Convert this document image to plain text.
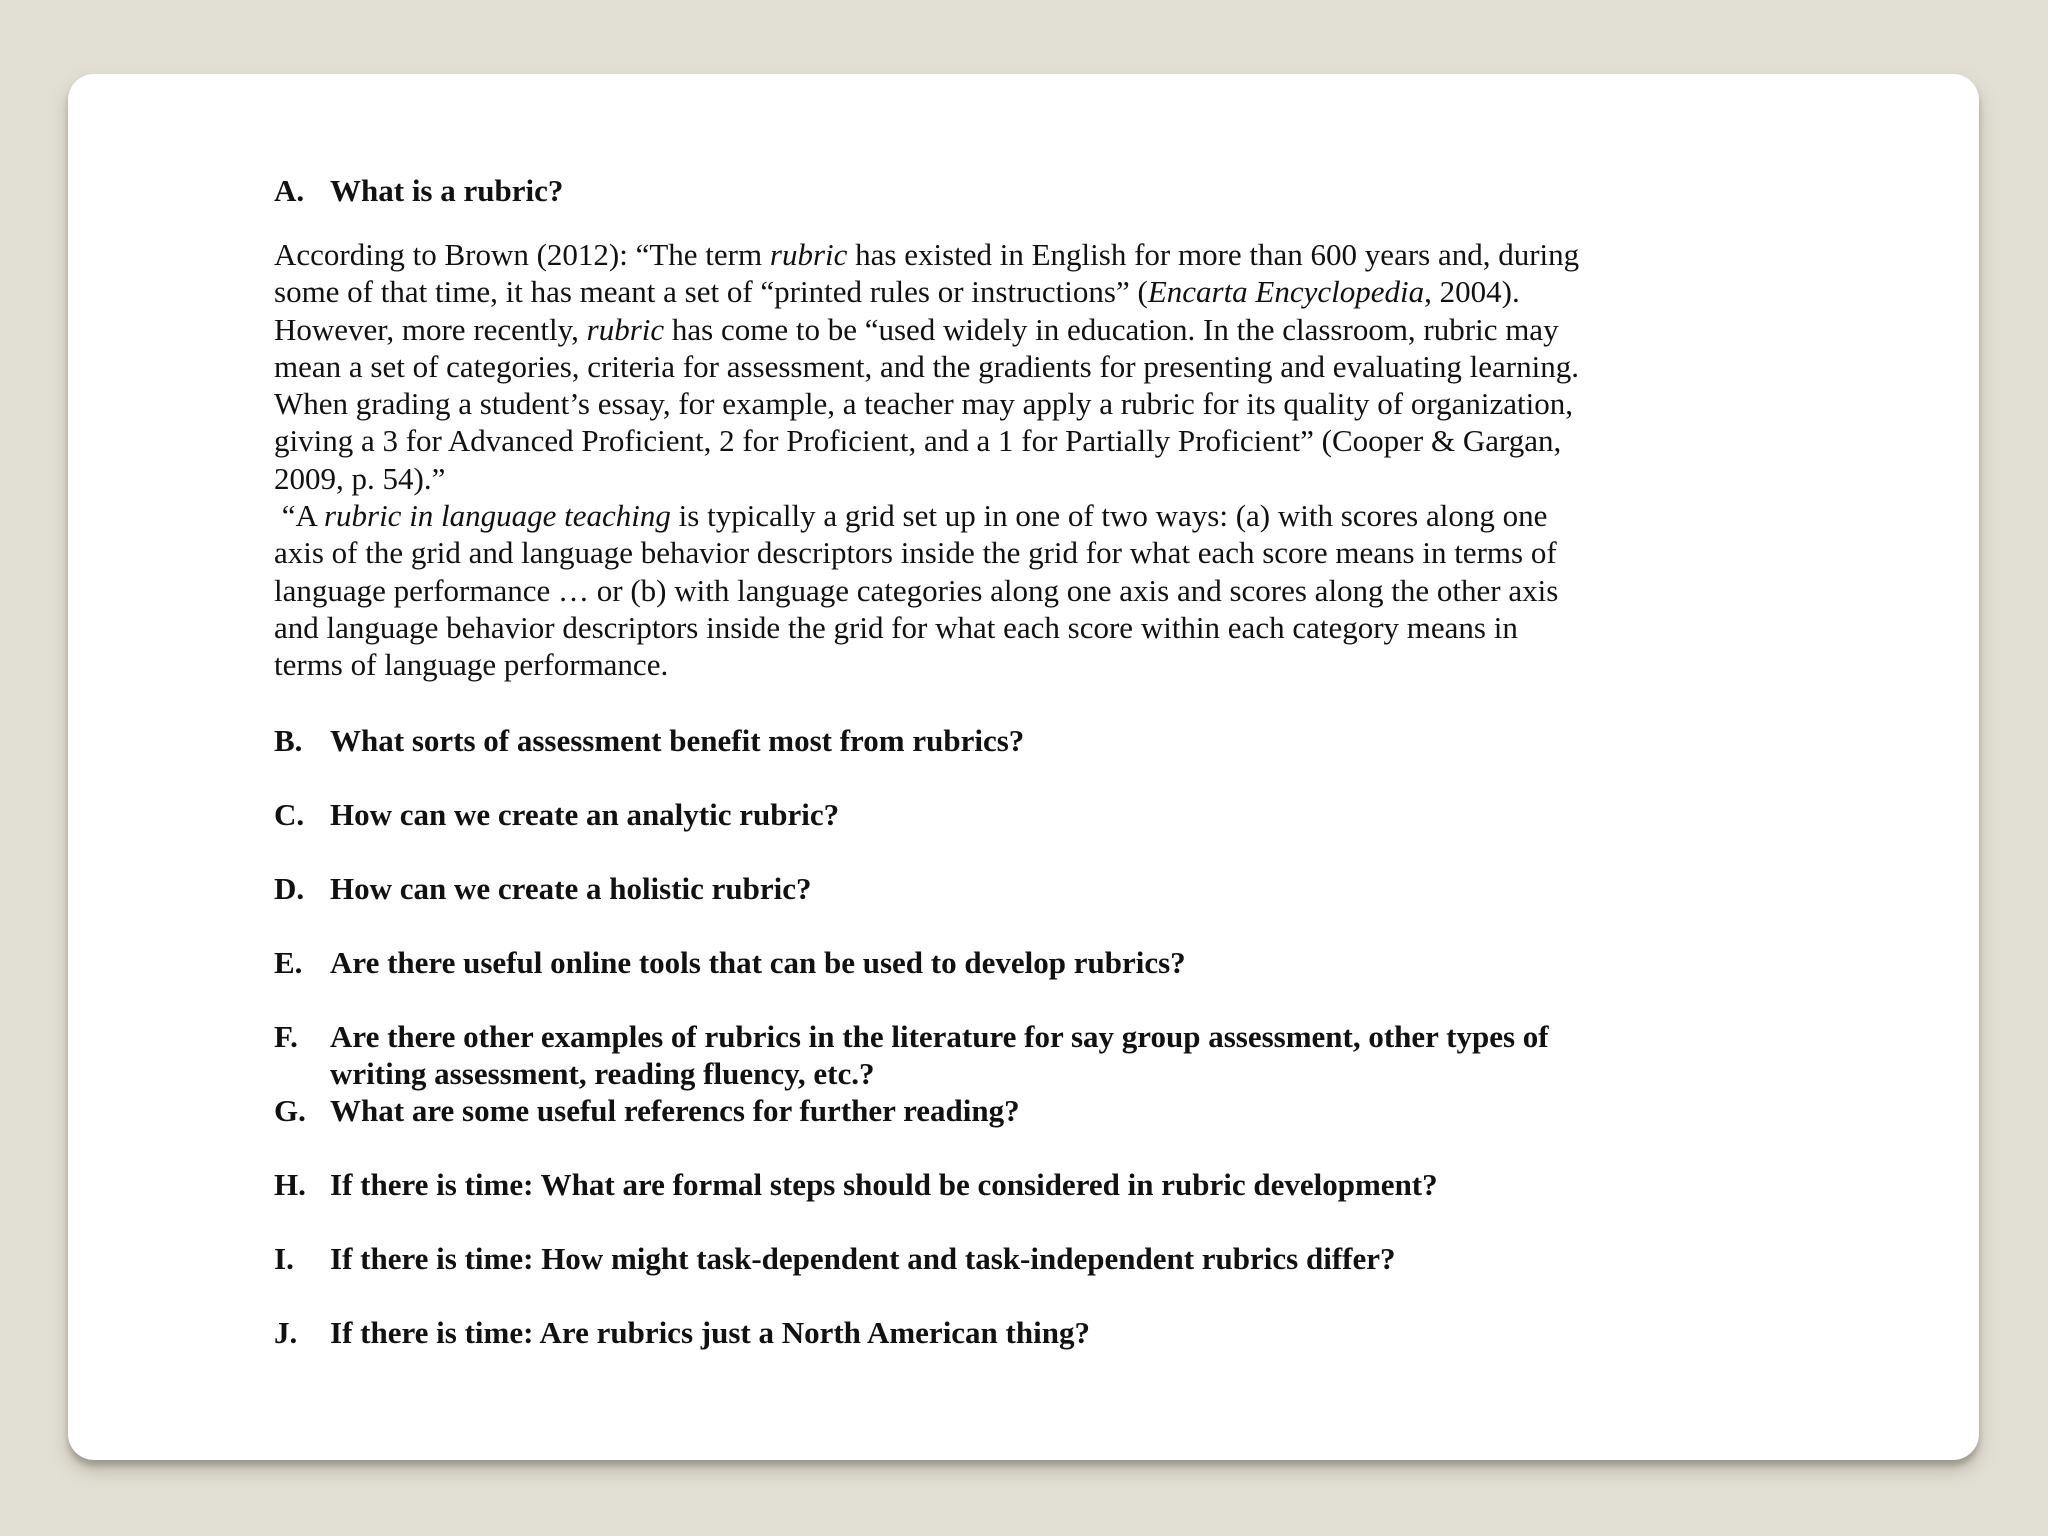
A. What is a rubric?
According to Brown (2012): “The term rubric has existed in English for more than 600 years and, during
some of that time, it has meant a set of “printed rules or instructions” (Encarta Encyclopedia, 2004).
However, more recently, rubric has come to be “used widely in education. In the classroom, rubric may
mean a set of categories, criteria for assessment, and the gradients for presenting and evaluating learning.
When grading a student’s essay, for example, a teacher may apply a rubric for its quality of organization,
giving a 3 for Advanced Proficient, 2 for Proficient, and a 1 for Partially Proficient” (Cooper & Gargan,
2009, p. 54).”
“A rubric in language teaching is typically a grid set up in one of two ways: (a) with scores along one
axis of the grid and language behavior descriptors inside the grid for what each score means in terms of
language performance … or (b) with language categories along one axis and scores along the other axis
and language behavior descriptors inside the grid for what each score within each category means in
terms of language performance.
B. What sorts of assessment benefit most from rubrics?
C. How can we create an analytic rubric?
D. How can we create a holistic rubric?
E. Are there useful online tools that can be used to develop rubrics?
F.	Are there other examples of rubrics in the literature for say group assessment, other types of
writing assessment, reading fluency, etc.?
G. What are some useful referencs for further reading?
H. If there is time: What are formal steps should be considered in rubric development?
I.	If there is time: How might task-dependent and task-independent rubrics differ?
J.	If there is time: Are rubrics just a North American thing?
